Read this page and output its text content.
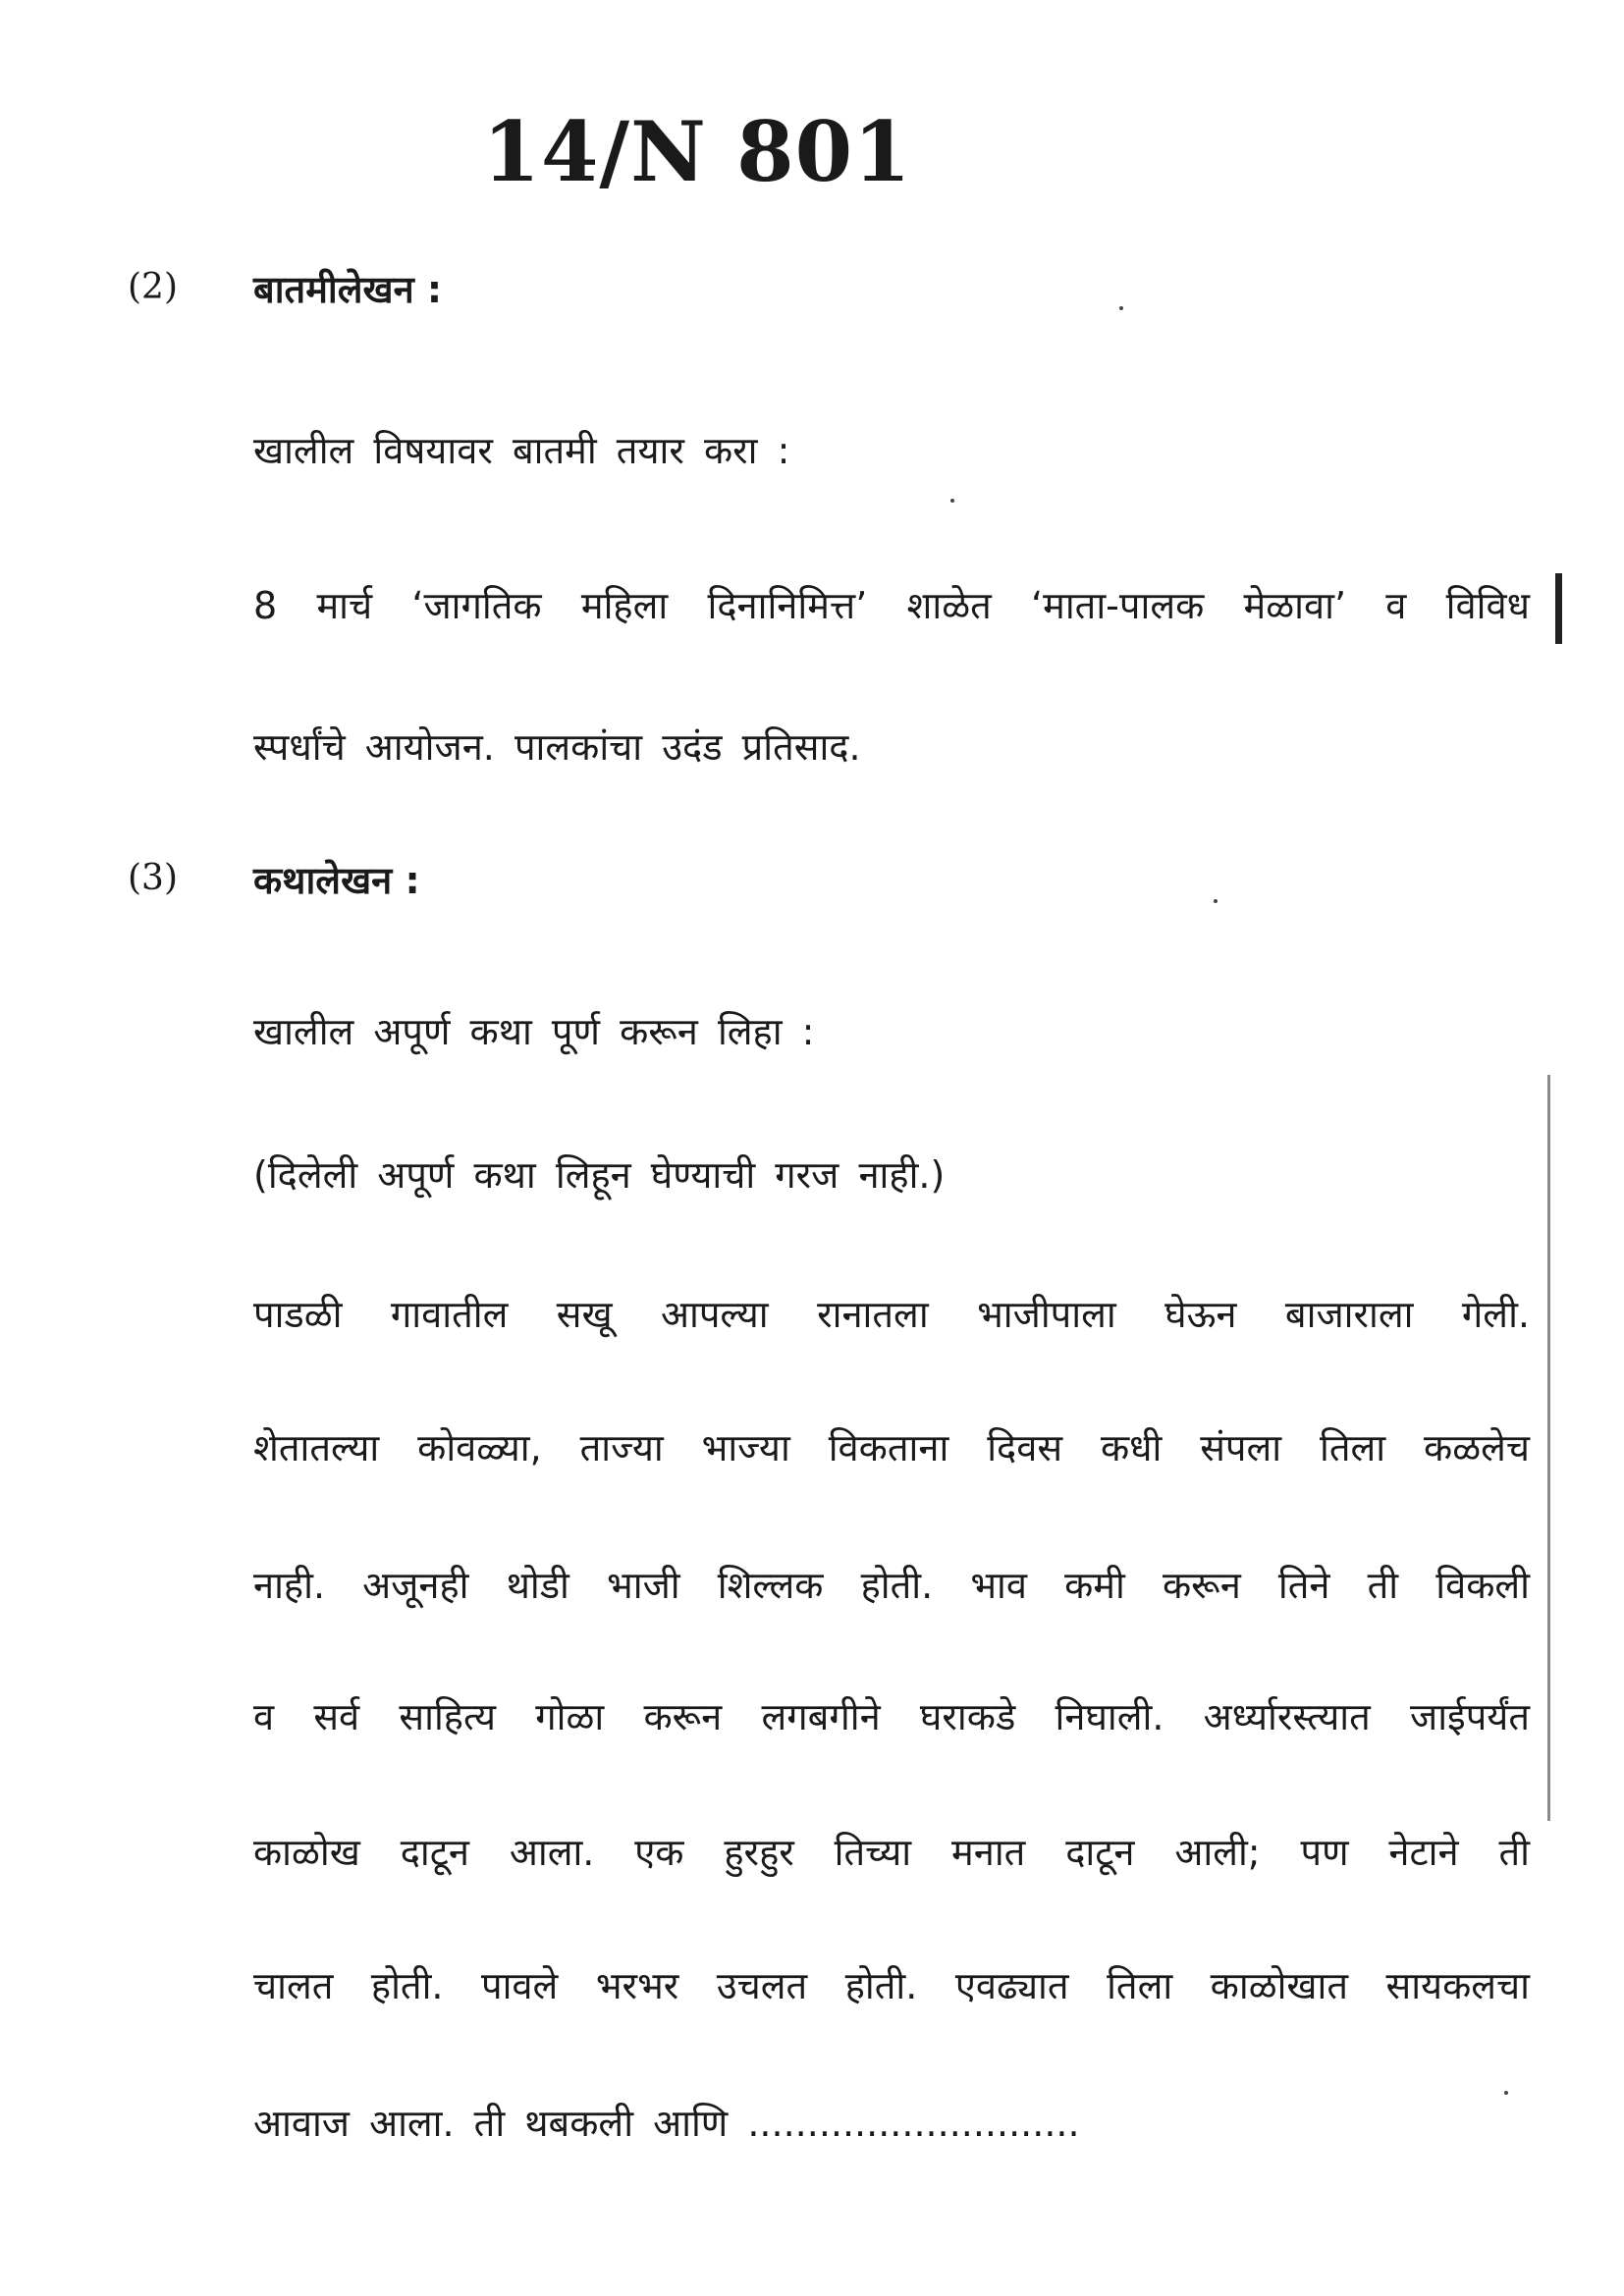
14/N 801
(2) बातमीलेखन :
खालील विषयावर बातमी तयार करा :
8 मार्च ‘जागतिक महिला दिनानिमित्त’ शाळेत ‘माता-पालक मेळावा’ व विविध
स्पर्धांचे आयोजन. पालकांचा उदंड प्रतिसाद.
(3) कथालेखन :
खालील अपूर्ण कथा पूर्ण करून लिहा :
(दिलेली अपूर्ण कथा लिहून घेण्याची गरज नाही.)
पाडळी गावातील सखू आपल्या रानातला भाजीपाला घेऊन बाजाराला गेली.
शेतातल्या कोवळ्या, ताज्या भाज्या विकताना दिवस कधी संपला तिला कळलेच
नाही. अजूनही थोडी भाजी शिल्लक होती. भाव कमी करून तिने ती विकली
व सर्व साहित्य गोळा करून लगबगीने घराकडे निघाली. अर्ध्यारस्त्यात जाईपर्यंत
काळोख दाटून आला. एक हुरहुर तिच्या मनात दाटून आली; पण नेटाने ती
चालत होती. पावले भरभर उचलत होती. एवढ्यात तिला काळोखात सायकलचा
आवाज आला. ती थबकली आणि ............................
